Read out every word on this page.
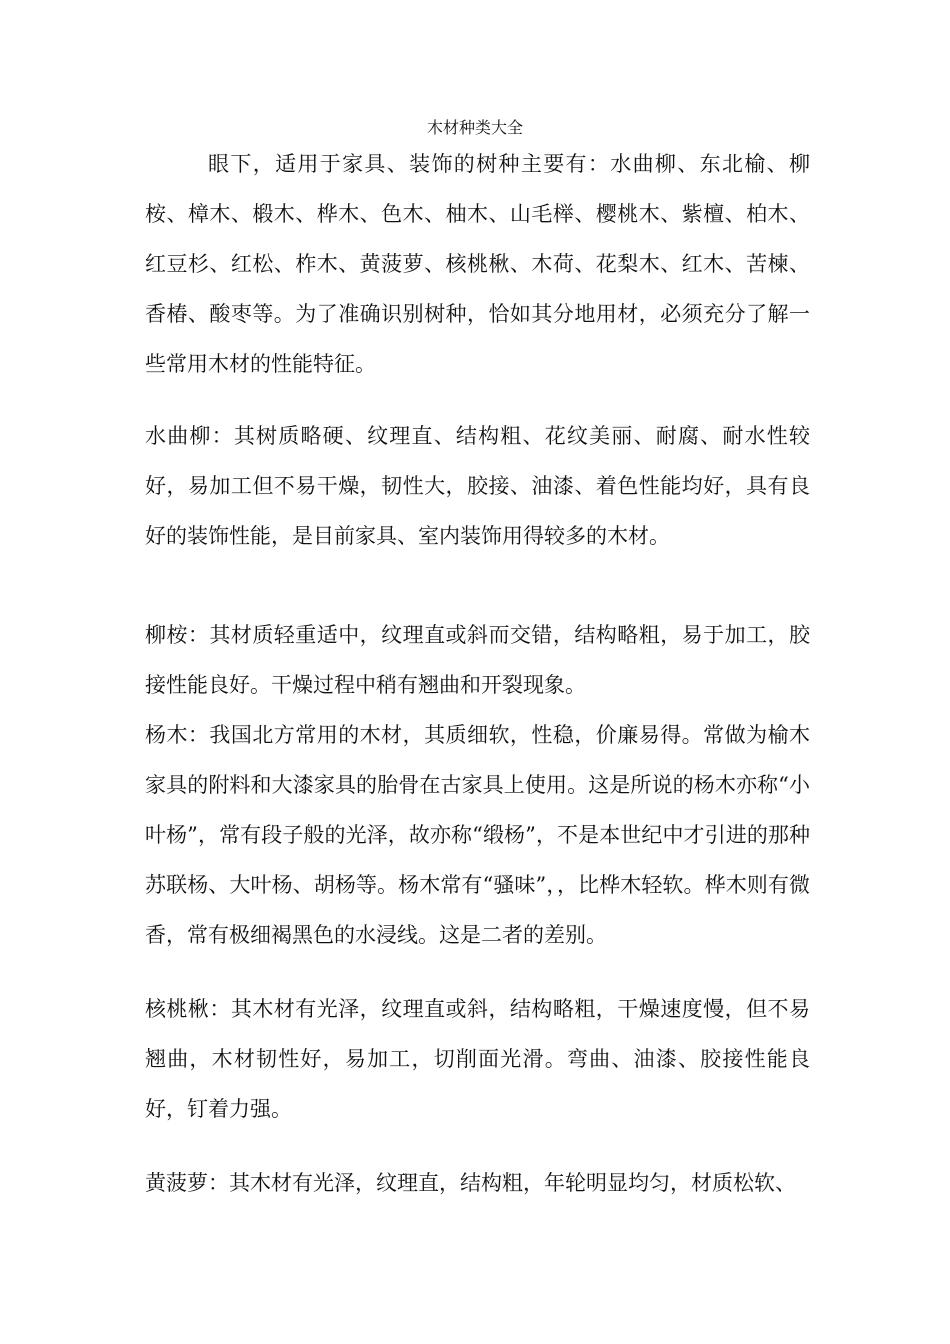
木材种类大全

眼下，适用于家具、装饰的树种主要有：水曲柳、东北榆、柳桉、樟木、椴木、桦木、色木、柚木、山毛榉、樱桃木、紫檀、柏木、红豆杉、红松、柞木、黄菠萝、核桃楸、木荷、花梨木、红木、苦楝、香椿、酸枣等。为了准确识别树种，恰如其分地用材，必须充分了解一些常用木材的性能特征。

水曲柳：其树质略硬、纹理直、结构粗、花纹美丽、耐腐、耐水性较好，易加工但不易干燥，韧性大，胶接、油漆、着色性能均好，具有良好的装饰性能，是目前家具、室内装饰用得较多的木材。

柳桉：其材质轻重适中，纹理直或斜而交错，结构略粗，易于加工，胶接性能良好。干燥过程中稍有翘曲和开裂现象。

杨木：我国北方常用的木材，其质细软，性稳，价廉易得。常做为榆木家具的附料和大漆家具的胎骨在古家具上使用。这是所说的杨木亦称“小叶杨”，常有段子般的光泽，故亦称“缎杨”，不是本世纪中才引进的那种苏联杨、大叶杨、胡杨等。杨木常有“骚味”，，比桦木轻软。桦木则有微香，常有极细褐黑色的水浸线。这是二者的差别。

核桃楸：其木材有光泽，纹理直或斜，结构略粗，干燥速度慢，但不易翘曲，木材韧性好，易加工，切削面光滑。弯曲、油漆、胶接性能良好，钉着力强。

黄菠萝：其木材有光泽，纹理直，结构粗，年轮明显均匀，材质松软、
